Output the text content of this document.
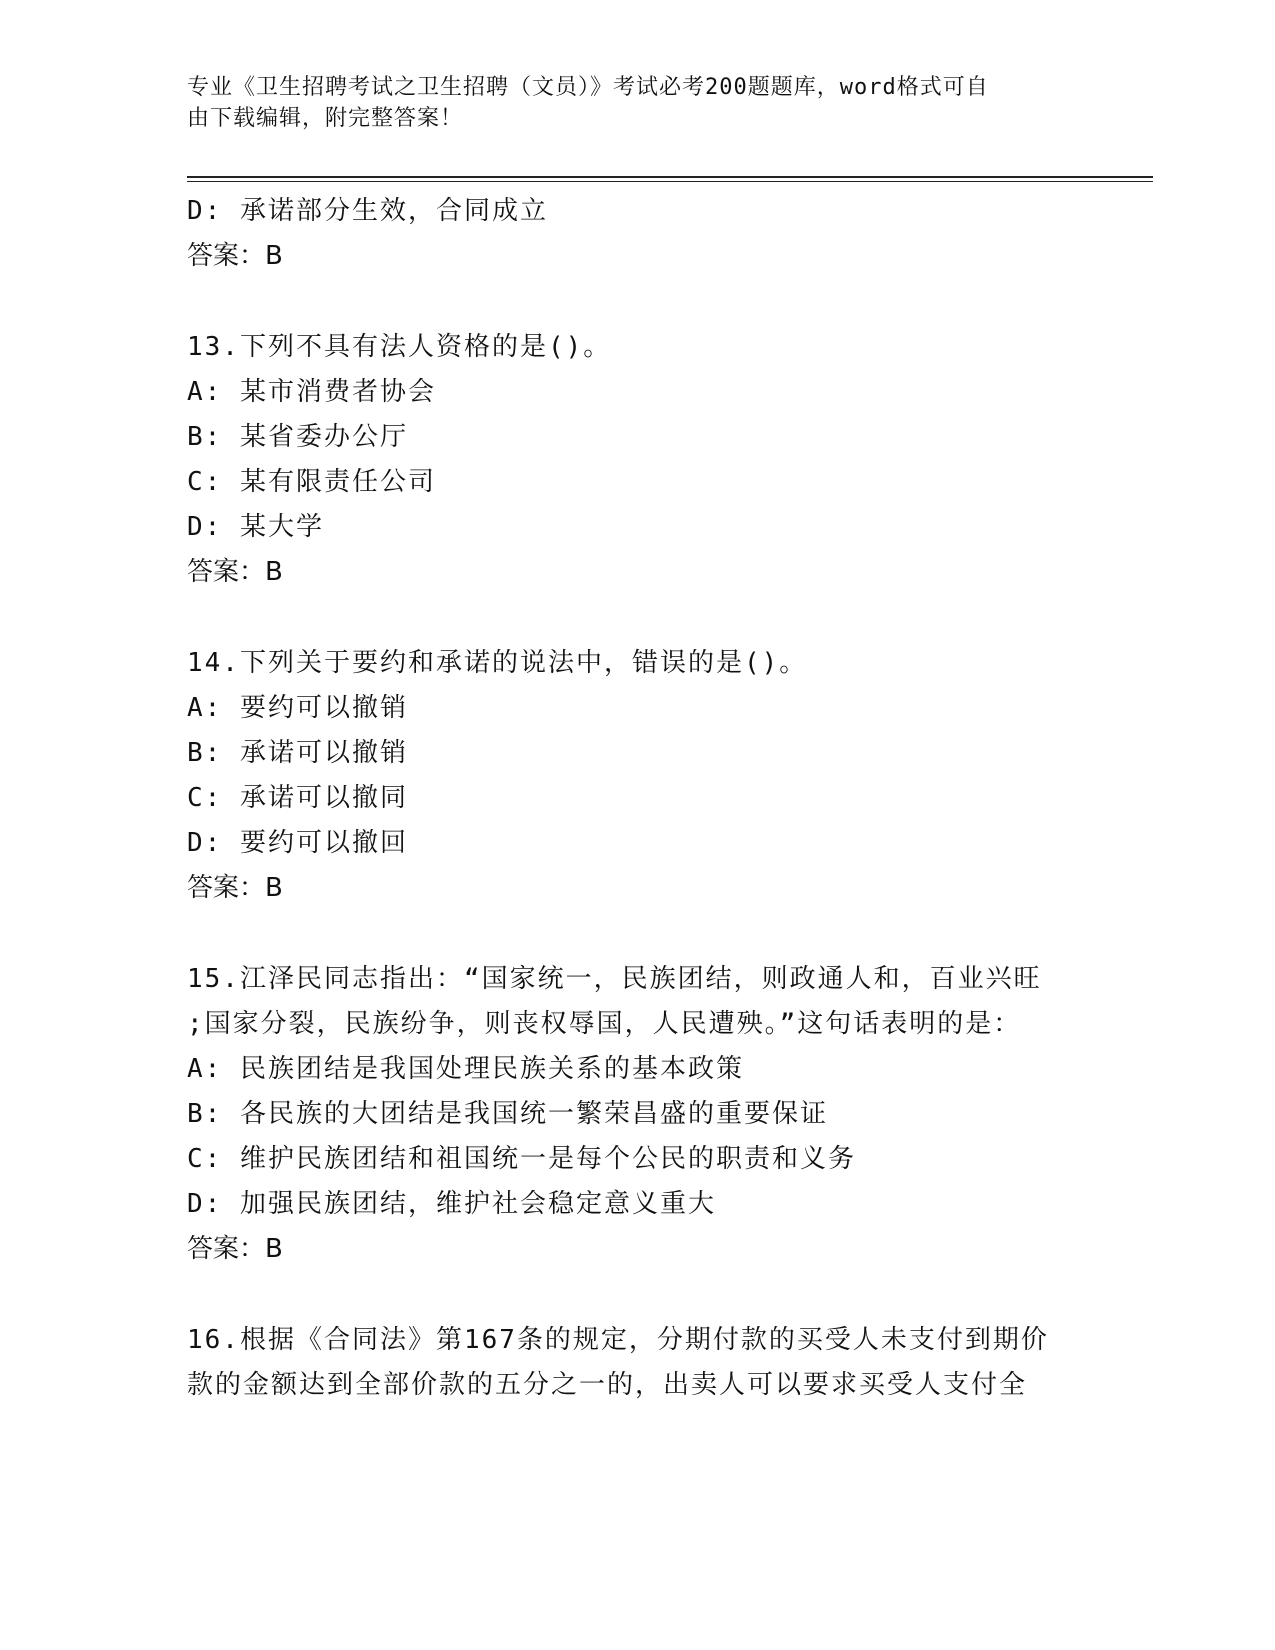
专业《卫生招聘考试之卫生招聘（文员）》考试必考200题题库，word格式可自
由下载编辑，附完整答案！
D: 承诺部分生效，合同成立
答案：B
13.下列不具有法人资格的是()。
A: 某市消费者协会
B: 某省委办公厅
C: 某有限责任公司
D: 某大学
答案：B
14.下列关于要约和承诺的说法中，错误的是()。
A: 要约可以撤销
B: 承诺可以撤销
C: 承诺可以撤同
D: 要约可以撤回
答案：B
15.江泽民同志指出：“国家统一，民族团结，则政通人和，百业兴旺
;国家分裂，民族纷争，则丧权辱国，人民遭殃。”这句话表明的是：
A: 民族团结是我国处理民族关系的基本政策
B: 各民族的大团结是我国统一繁荣昌盛的重要保证
C: 维护民族团结和祖国统一是每个公民的职责和义务
D: 加强民族团结，维护社会稳定意义重大
答案：B
16.根据《合同法》第167条的规定，分期付款的买受人未支付到期价
款的金额达到全部价款的五分之一的，出卖人可以要求买受人支付全
